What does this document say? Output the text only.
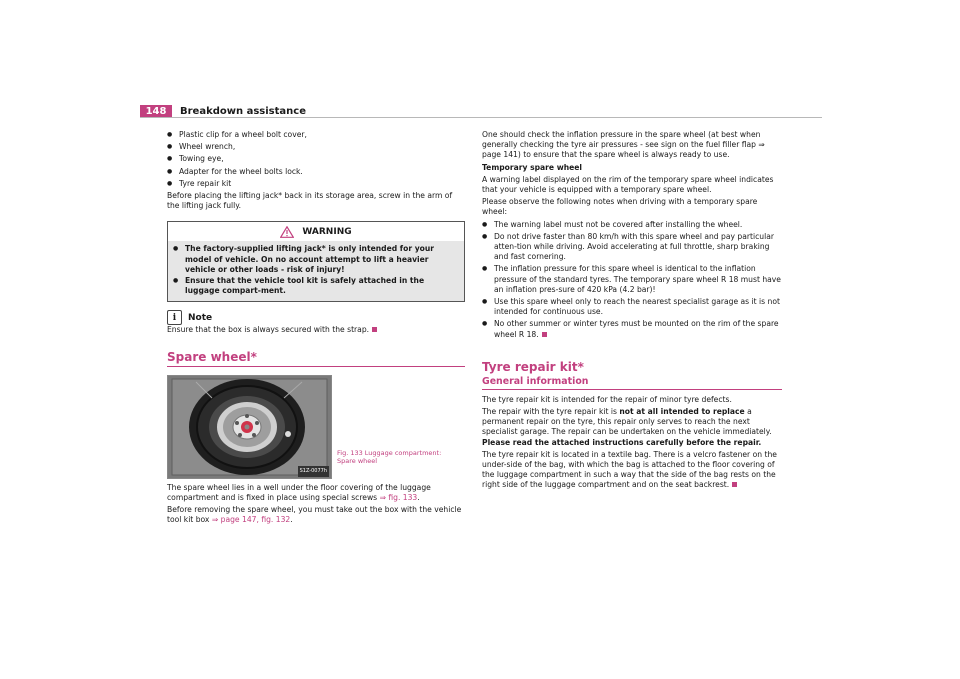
148	Breakdown assistance
● Plastic clip for a wheel bolt cover,
● Wheel wrench,
● Towing eye,
● Adapter for the wheel bolts lock.
● Tyre repair kit

Before placing the lifting jack* back in its storage area, screw in the arm of the lifting jack fully.

WARNING
● The factory-supplied lifting jack* is only intended for your model of vehicle. On no account attempt to lift a heavier vehicle or other loads - risk of injury!
● Ensure that the vehicle tool kit is safely attached in the luggage compart-ment.
i	Note

Ensure that the box is always secured with the strap.

Spare wheel*
S1Z-0077h
Fig. 133 Luggage compartment: Spare wheel

The spare wheel lies in a well under the floor covering of the luggage compartment and is fixed in place using special screws ⇒ fig. 133.

Before removing the spare wheel, you must take out the box with the vehicle tool kit box ⇒ page 147, fig. 132.

One should check the inflation pressure in the spare wheel (at best when generally checking the tyre air pressures - see sign on the fuel filler flap ⇒ page 141) to ensure that the spare wheel is always ready to use.

Temporary spare wheel

A warning label displayed on the rim of the temporary spare wheel indicates that your vehicle is equipped with a temporary spare wheel.

Please observe the following notes when driving with a temporary spare wheel:

● The warning label must not be covered after installing the wheel.
● Do not drive faster than 80 km/h with this spare wheel and pay particular atten-tion while driving. Avoid accelerating at full throttle, sharp braking and fast cornering.
● The inflation pressure for this spare wheel is identical to the inflation pressure of the standard tyres. The temporary spare wheel R 18 must have an inflation pres-sure of 420 kPa (4.2 bar)!
● Use this spare wheel only to reach the nearest specialist garage as it is not intended for continuous use.
● No other summer or winter tyres must be mounted on the rim of the spare wheel R 18.
Tyre repair kit*
General information

The tyre repair kit is intended for the repair of minor tyre defects.

The repair with the tyre repair kit is not at all intended to replace a permanent repair on the tyre, this repair only serves to reach the next specialist garage. The repair can be undertaken on the vehicle immediately. Please read the attached instructions carefully before the repair.

The tyre repair kit is located in a textile bag. There is a velcro fastener on the under-side of the bag, with which the bag is attached to the floor covering of the luggage compartment in such a way that the side of the bag rests on the right side of the luggage compartment and on the seat backrest.
